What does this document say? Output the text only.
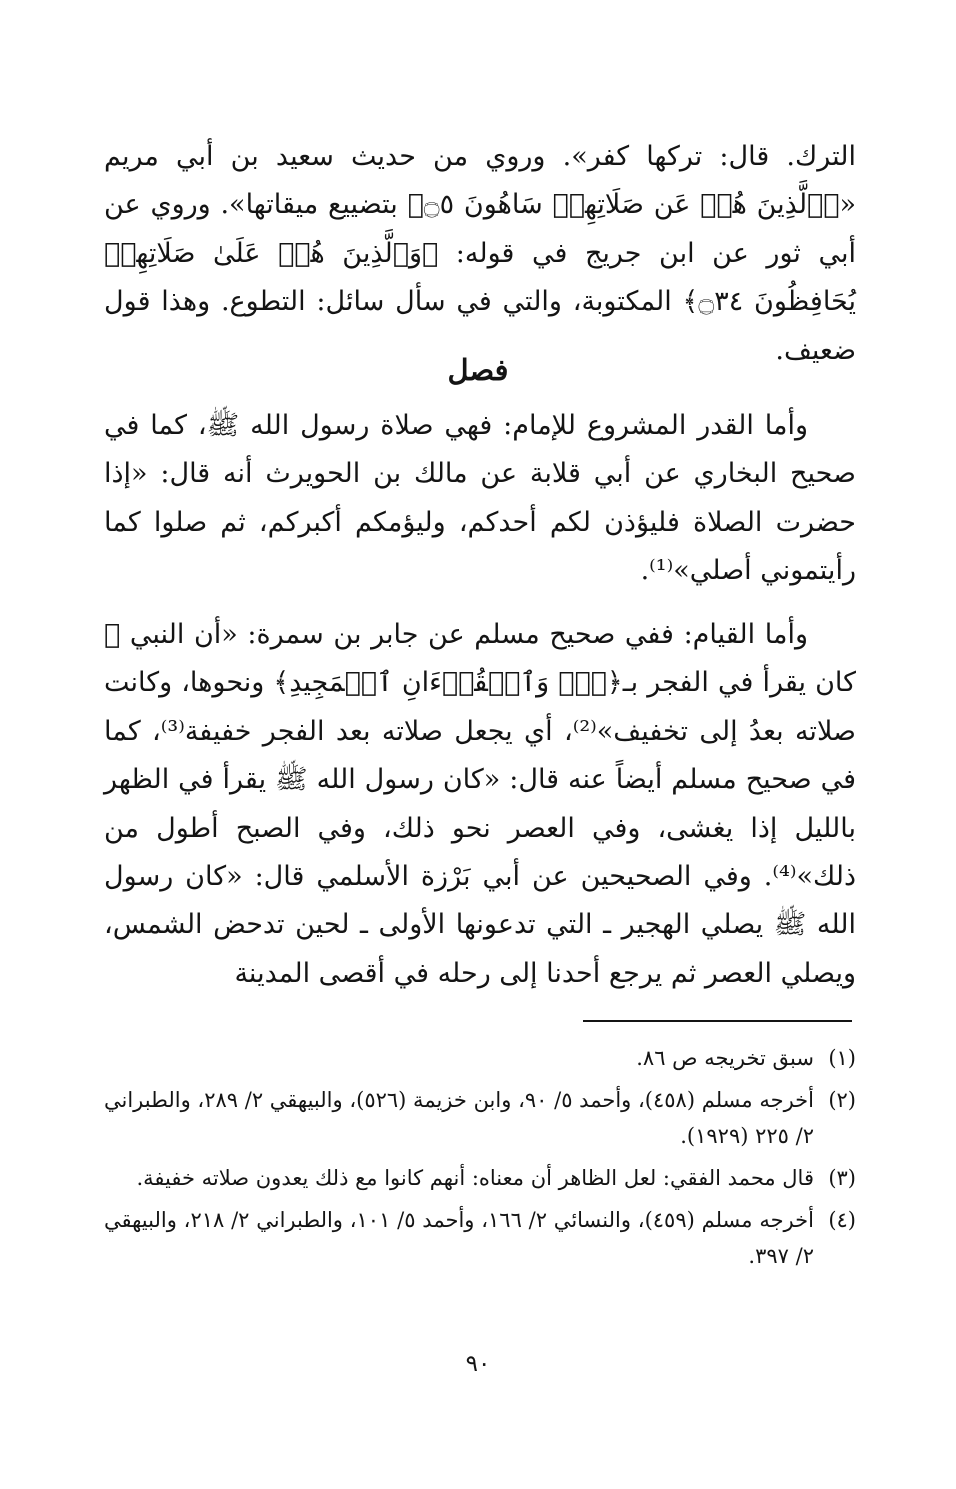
الترك. قال: تركها كفر». وروي من حديث سعيد بن أبي مريم «﴿ٱلَّذِينَ هُمۡ عَن صَلَاتِهِمۡ سَاهُونَ ۝٥﴾ بتضييع ميقاتها». وروي عن أبي ثور عن ابن جريج في قوله: ﴿وَٱلَّذِينَ هُمۡ عَلَىٰ صَلَاتِهِمۡ يُحَافِظُونَ ۝٣٤﴾ المكتوبة، والتي في سأل سائل: التطوع. وهذا قول ضعيف.

فصل

وأما القدر المشروع للإمام: فهي صلاة رسول الله ﷺ، كما في صحيح البخاري عن أبي قلابة عن مالك بن الحويرث أنه قال: «إذا حضرت الصلاة فليؤذن لكم أحدكم، وليؤمكم أكبركم، ثم صلوا كما رأيتموني أصلي»⁽¹⁾.

وأما القيام: ففي صحيح مسلم عن جابر بن سمرة: «أن النبي ﷺ كان يقرأ في الفجر بـ﴿قٓۚ وَٱلۡقُرۡءَانِ ٱلۡمَجِيدِ﴾ ونحوها، وكانت صلاته بعدُ إلى تخفيف»⁽²⁾، أي يجعل صلاته بعد الفجر خفيفة⁽³⁾، كما في صحيح مسلم أيضاً عنه قال: «كان رسول الله ﷺ يقرأ في الظهر بالليل إذا يغشى، وفي العصر نحو ذلك، وفي الصبح أطول من ذلك»⁽⁴⁾. وفي الصحيحين عن أبي بَرْزة الأسلمي قال: «كان رسول الله ﷺ يصلي الهجير ـ التي تدعونها الأولى ـ لحين تدحض الشمس، ويصلي العصر ثم يرجع أحدنا إلى رحله في أقصى المدينة

(١)
سبق تخريجه ص ٨٦.
(٢)
أخرجه مسلم (٤٥٨)، وأحمد ٥/ ٩٠، وابن خزيمة (٥٢٦)، والبيهقي ٢/ ٢٨٩، والطبراني ٢/ ٢٢٥ (١٩٢٩).
(٣)
قال محمد الفقي: لعل الظاهر أن معناه: أنهم كانوا مع ذلك يعدون صلاته خفيفة.
(٤)
أخرجه مسلم (٤٥٩)، والنسائي ٢/ ١٦٦، وأحمد ٥/ ١٠١، والطبراني ٢/ ٢١٨، والبيهقي ٢/ ٣٩٧.
٩٠
